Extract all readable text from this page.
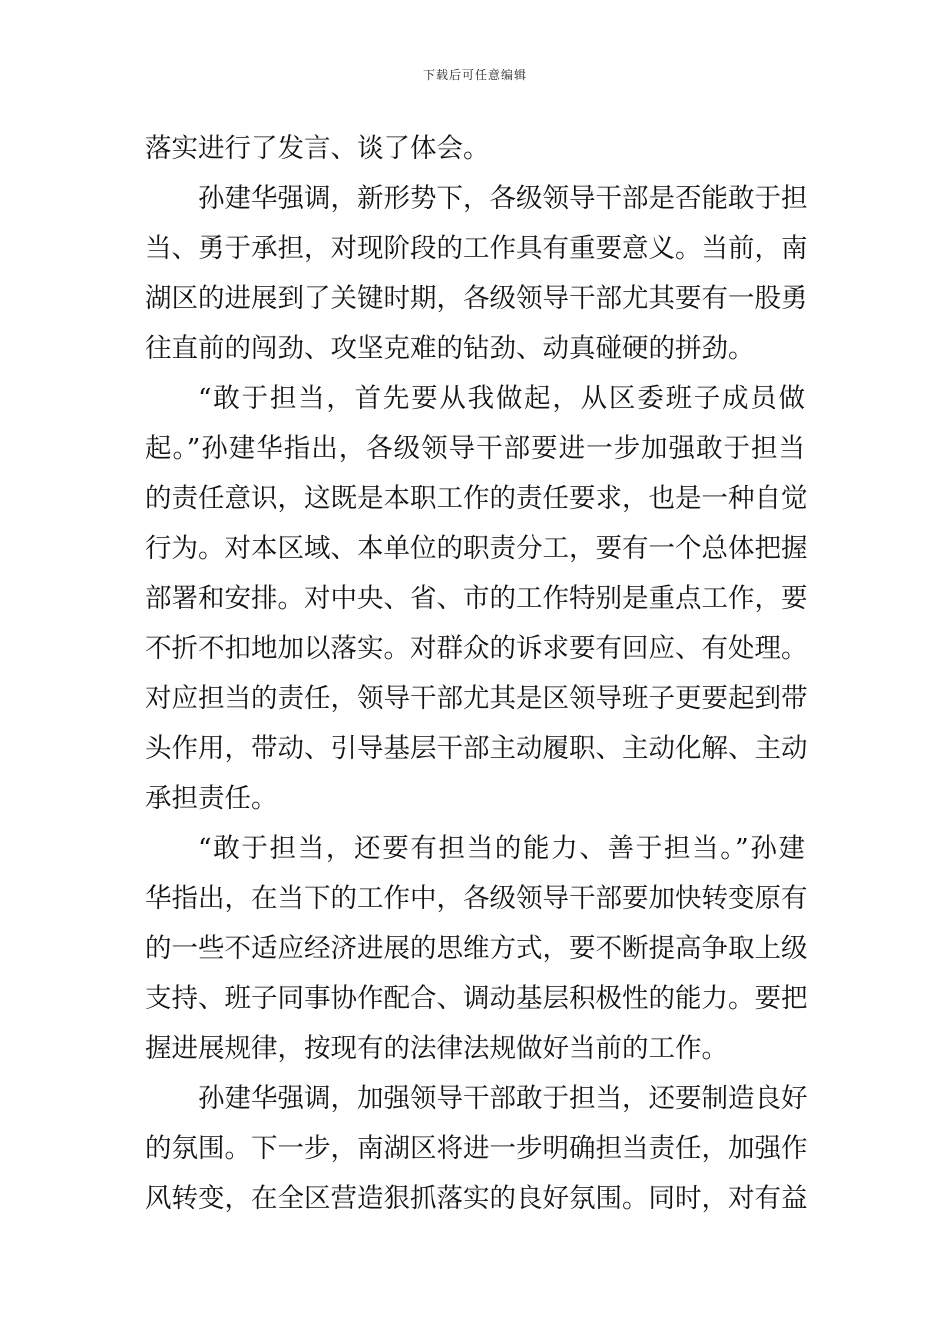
下载后可任意编辑
落实进行了发言、谈了体会。
孙建华强调，新形势下，各级领导干部是否能敢于担
当、勇于承担，对现阶段的工作具有重要意义。当前，南
湖区的进展到了关键时期，各级领导干部尤其要有一股勇
往直前的闯劲、攻坚克难的钻劲、动真碰硬的拼劲。
“敢于担当，首先要从我做起，从区委班子成员做
起。”孙建华指出，各级领导干部要进一步加强敢于担当
的责任意识，这既是本职工作的责任要求，也是一种自觉
行为。对本区域、本单位的职责分工，要有一个总体把握
部署和安排。对中央、省、市的工作特别是重点工作，要
不折不扣地加以落实。对群众的诉求要有回应、有处理。
对应担当的责任，领导干部尤其是区领导班子更要起到带
头作用，带动、引导基层干部主动履职、主动化解、主动
承担责任。
“敢于担当，还要有担当的能力、善于担当。”孙建
华指出，在当下的工作中，各级领导干部要加快转变原有
的一些不适应经济进展的思维方式，要不断提高争取上级
支持、班子同事协作配合、调动基层积极性的能力。要把
握进展规律，按现有的法律法规做好当前的工作。
孙建华强调，加强领导干部敢于担当，还要制造良好
的氛围。下一步，南湖区将进一步明确担当责任，加强作
风转变，在全区营造狠抓落实的良好氛围。同时，对有益
